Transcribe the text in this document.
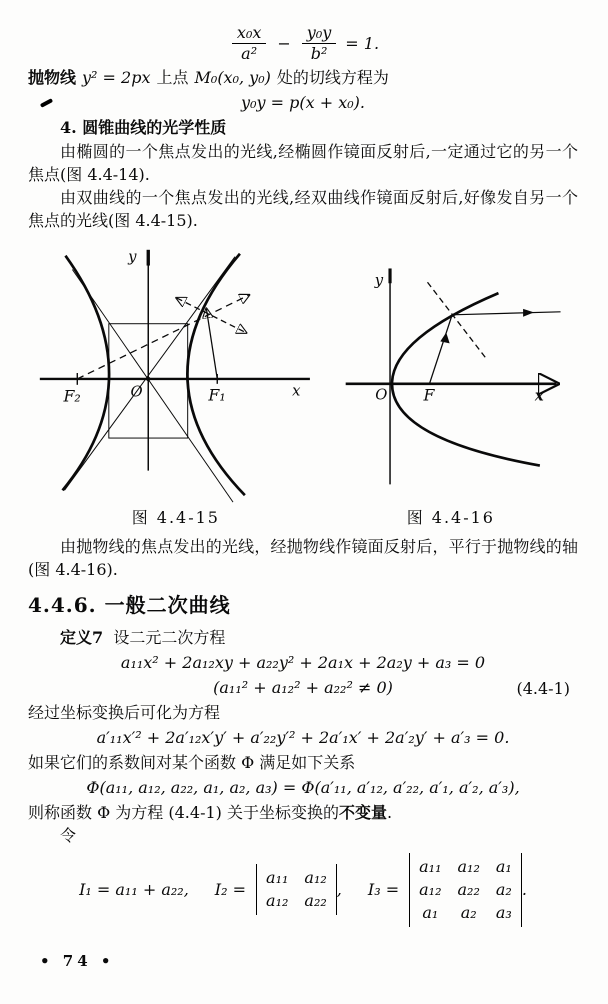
$\frac{\text{x₀x}}{\text{a²}} - \frac{\text{y₀y}}{\text{b²}} = 1$.

抛物线 y² = 2px 上点 M₀(x₀, y₀) 处的切线方程为

y₀y = p(x + x₀).

4. 圆锥曲线的光学性质

由椭圆的一个焦点发出的光线,经椭圆作镜面反射后,一定通过它的另一个焦点(图 4.4-14).

由双曲线的一个焦点发出的光线,经双曲线作镜面反射后,好像发自另一个焦点的光线(图 4.4-15).

y
x
O
F₂	F₁
y
x
O F
图 4.4-15	图 4.4-16

由抛物线的焦点发出的光线，经抛物线作镜面反射后，平行于抛物线的轴(图 4.4-16).

4.4.6. 一般二次曲线

定义7 设二元二次方程

a₁₁x² + 2a₁₂xy + a₂₂y² + 2a₁x + 2a₂y + a₃ = 0
(a₁₁² + a₁₂² + a₂₂² ≠ 0)	(4.4-1)

经过坐标变换后可化为方程

a′₁₁x′² + 2a′₁₂x′y′ + a′₂₂y′² + 2a′₁x′ + 2a′₂y′ + a′₃ = 0.

如果它们的系数间对某个函数 Φ 满足如下关系

Φ(a₁₁, a₁₂, a₂₂, a₁, a₂, a₃) = Φ(a′₁₁, a′₁₂, a′₂₂, a′₁, a′₂, a′₃),

则称函数 Φ 为方程 (4.4-1) 关于坐标变换的不变量.

令

I₁ = a₁₁ + a₂₂, I₂ =
a₁₁ a₁₂
a₁₂ a₂₂
, I₃ =
a₁₁ a₁₂ a₁
a₁₂ a₂₂ a₂
a₁ a₂ a₃
.
• 74 •
